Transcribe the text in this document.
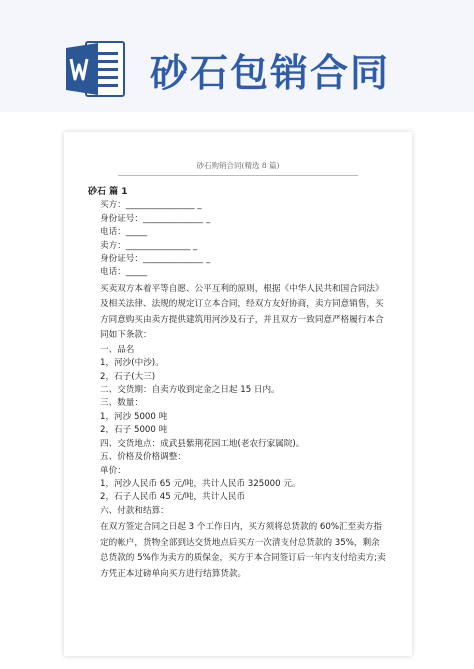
砂石包销合同
砂石购销合同(精选 8 篇)
砂石 篇 1
买方：________________ _
身份证号：______________ _
电话：_____
卖方：_______________ _
身份证号：______________ _
电话：_____
买卖双方本着平等自愿、公平互利的原则，根据《中华人民共和国合同法》及相关法律、法规的规定订立本合同，经双方友好协商，卖方同意销售，买方同意购买由卖方提供建筑用河沙及石子，并且双方一致同意严格履行本合同如下条款：
一、品名
1，河沙(中沙)。
2，石子(大三)
二、交货期：自卖方收到定金之日起 15 日内。
三、数量：
1，河沙 5000 吨
2，石子 5000 吨
四、交货地点：成武县紫荆花园工地(老农行家属院)。
五、价格及价格调整：
单价：
1，河沙人民币 65 元/吨，共计人民币 325000 元。
2，石子人民币 45 元/吨，共计人民币
六、付款和结算：
在双方签定合同之日起 3 个工作日内，买方须将总货款的 60%汇至卖方指定的帐户，货物全部到达交货地点后买方一次清支付总货款的 35%，剩余总货款的 5%作为卖方的质保金，买方于本合同签订后一年内支付给卖方;卖方凭正本过磅单向买方进行结算货款。
